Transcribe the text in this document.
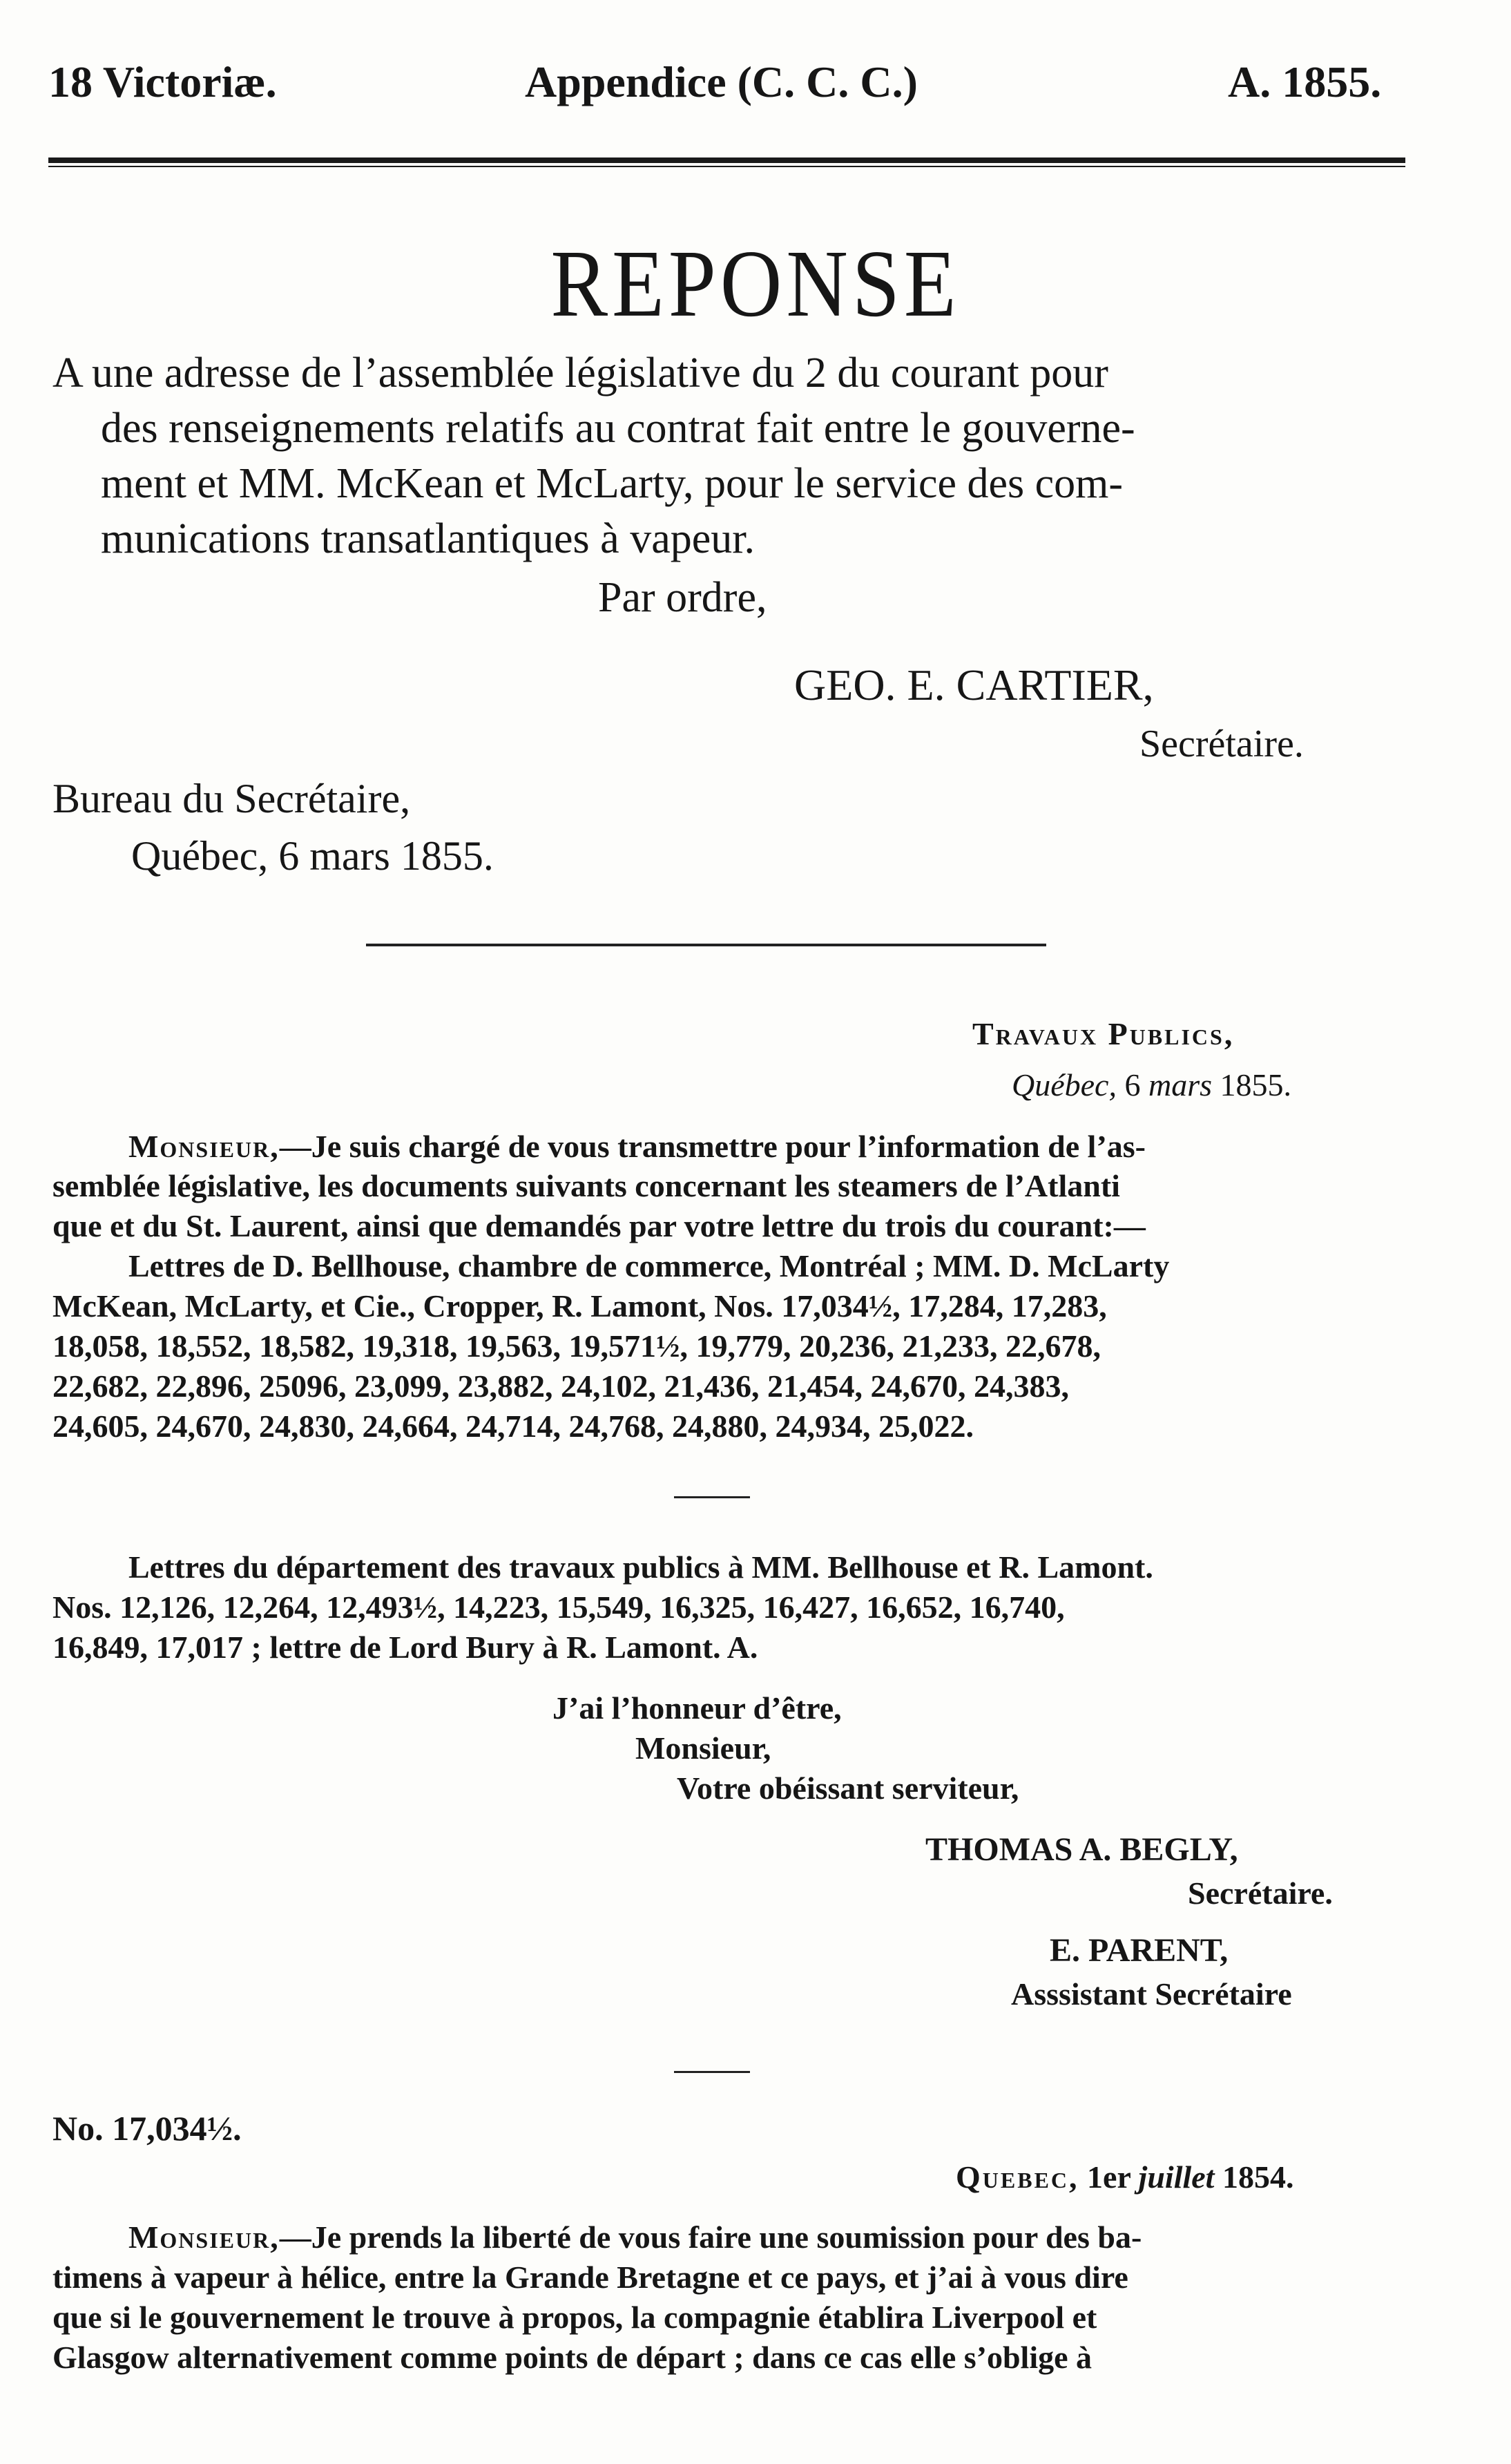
18 Victoriæ.	Appendice (C. C. C.)	A. 1855.
REPONSE
A une adresse de l’assemblée législative du 2 du courant pour
des renseignements relatifs au contrat fait entre le gouverne-
ment et MM. McKean et McLarty, pour le service des com-
munications transatlantiques à vapeur.
Par ordre,
GEO. E. CARTIER,
Secrétaire.
Bureau du Secrétaire,
Québec, 6 mars 1855.
Travaux Publics,
Québec, 6 mars 1855.
Monsieur,—Je suis chargé de vous transmettre pour l’information de l’as-
semblée législative, les documents suivants concernant les steamers de l’Atlanti
que et du St. Laurent, ainsi que demandés par votre lettre du trois du courant:—
Lettres de D. Bellhouse, chambre de commerce, Montréal ; MM. D. McLarty
McKean, McLarty, et Cie., Cropper, R. Lamont, Nos. 17,034½, 17,284, 17,283,
18,058, 18,552, 18,582, 19,318, 19,563, 19,571½, 19,779, 20,236, 21,233, 22,678,
22,682, 22,896, 25096, 23,099, 23,882, 24,102, 21,436, 21,454, 24,670, 24,383,
24,605, 24,670, 24,830, 24,664, 24,714, 24,768, 24,880, 24,934, 25,022.
Lettres du département des travaux publics à MM. Bellhouse et R. Lamont.
Nos. 12,126, 12,264, 12,493½, 14,223, 15,549, 16,325, 16,427, 16,652, 16,740,
16,849, 17,017 ; lettre de Lord Bury à R. Lamont. A.
J’ai l’honneur d’être,
Monsieur,
Votre obéissant serviteur,
THOMAS A. BEGLY,
Secrétaire.
E. PARENT,
Asssistant Secrétaire
No. 17,034½.
Quebec, 1er juillet 1854.
Monsieur,—Je prends la liberté de vous faire une soumission pour des ba-
timens à vapeur à hélice, entre la Grande Bretagne et ce pays, et j’ai à vous dire
que si le gouvernement le trouve à propos, la compagnie établira Liverpool et
Glasgow alternativement comme points de départ ; dans ce cas elle s’oblige à
